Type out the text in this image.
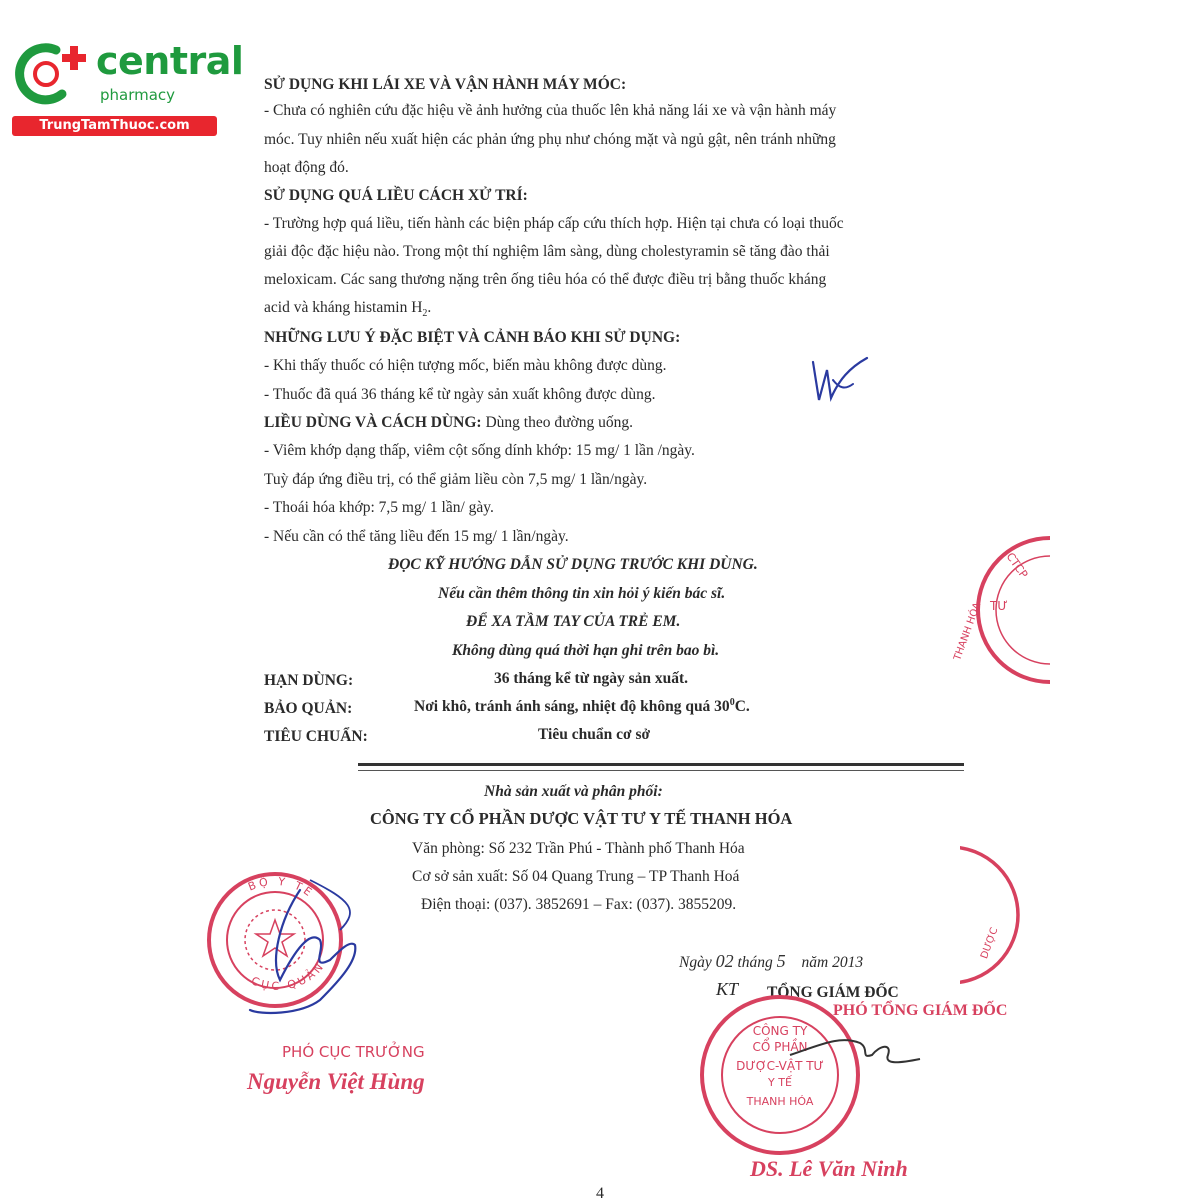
central
pharmacy
TrungTamThuoc.com
SỬ DỤNG KHI LÁI XE VÀ VẬN HÀNH MÁY MÓC:
- Chưa có nghiên cứu đặc hiệu về ảnh hưởng của thuốc lên khả năng lái xe và vận hành máy
móc. Tuy nhiên nếu xuất hiện các phản ứng phụ như chóng mặt và ngủ gật, nên tránh những
hoạt động đó.
SỬ DỤNG QUÁ LIỀU CÁCH XỬ TRÍ:
- Trường hợp quá liều, tiến hành các biện pháp cấp cứu thích hợp. Hiện tại chưa có loại thuốc
giải độc đặc hiệu nào. Trong một thí nghiệm lâm sàng, dùng cholestyramin sẽ tăng đào thải
meloxicam. Các sang thương nặng trên ống tiêu hóa có thể được điều trị bằng thuốc kháng
acid và kháng histamin $H_2$.
NHỮNG LƯU Ý ĐẶC BIỆT VÀ CẢNH BÁO KHI SỬ DỤNG:
- Khi thấy thuốc có hiện tượng mốc, biến màu không được dùng.
- Thuốc đã quá 36 tháng kể từ ngày sản xuất không được dùng.
LIỀU DÙNG VÀ CÁCH DÙNG: Dùng theo đường uống.
- Viêm khớp dạng thấp, viêm cột sống dính khớp: 15 mg/ 1 lần /ngày.
Tuỳ đáp ứng điều trị, có thể giảm liều còn 7,5 mg/ 1 lần/ngày.
- Thoái hóa khớp: 7,5 mg/ 1 lần/ gày.
- Nếu cần có thể tăng liều đến 15 mg/ 1 lần/ngày.
ĐỌC KỸ HƯỚNG DẪN SỬ DỤNG TRƯỚC KHI DÙNG.
Nếu cần thêm thông tin xin hỏi ý kiến bác sĩ.
ĐỂ XA TẦM TAY CỦA TRẺ EM.
Không dùng quá thời hạn ghi trên bao bì.
HẠN DÙNG:	36 tháng kể từ ngày sản xuất.
BẢO QUẢN:	Nơi khô, tránh ánh sáng, nhiệt độ không quá $30^0C$.
TIÊU CHUẨN:	Tiêu chuẩn cơ sở
Nhà sản xuất và phân phối:
CÔNG TY CỔ PHẦN DƯỢC VẬT TƯ Y TẾ THANH HÓA
Văn phòng: Số 232 Trần Phú - Thành phố Thanh Hóa
Cơ sở sản xuất: Số 04 Quang Trung – TP Thanh Hoá
Điện thoại: (037). 3852691 – Fax: (037). 3855209.
BỘ Y TẾ
CỤC QUẢN
PHÓ CỤC TRƯỞNG
Nguyễn Việt Hùng
CTCP
TƯ
THANH HÓA
DƯỢC
Ngày 02 tháng 5 năm 2013
KT TỔNG GIÁM ĐỐC
PHÓ TỔNG GIÁM ĐỐC
CÔNG TY
CỔ PHẦN
DƯỢC-VẬT TƯ
Y TẾ
THANH HÓA
DS. Lê Văn Ninh
4
